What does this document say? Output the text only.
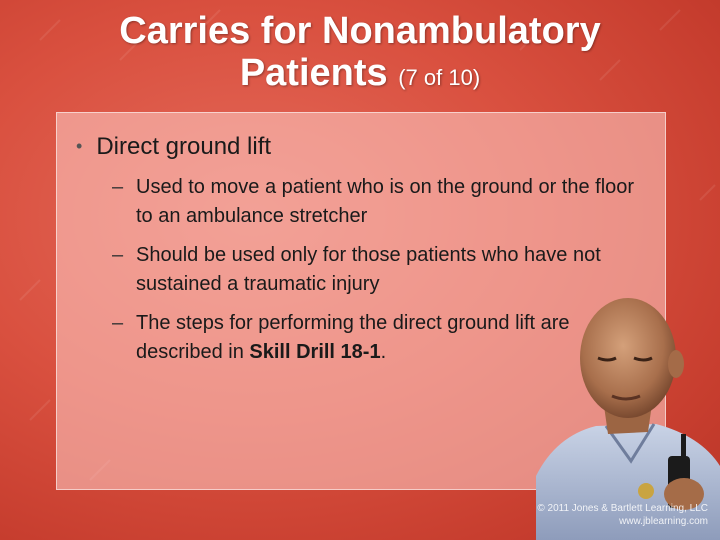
Carries for Nonambulatory Patients (7 of 10)
• Direct ground lift
– Used to move a patient who is on the ground or the floor to an ambulance stretcher
– Should be used only for those patients who have not sustained a traumatic injury
– The steps for performing the direct ground lift are described in Skill Drill 18-1.
© 2011 Jones & Bartlett Learning, LLC
www.jblearning.com
